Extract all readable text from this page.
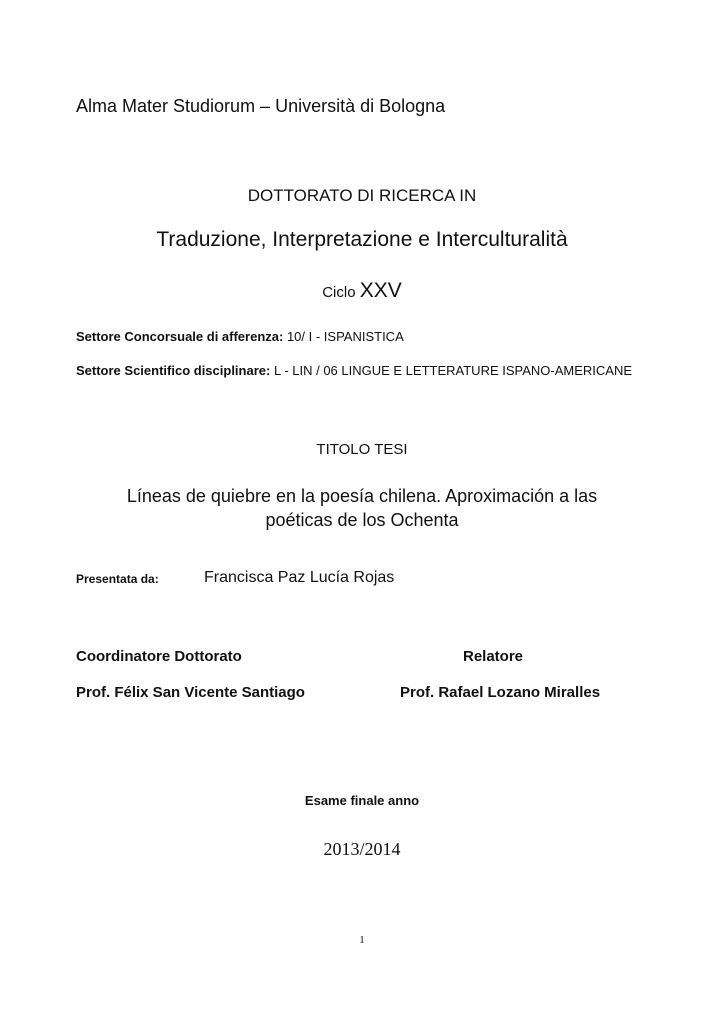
Alma Mater Studiorum – Università di Bologna
DOTTORATO DI RICERCA IN
Traduzione, Interpretazione e Interculturalità
Ciclo XXV
Settore Concorsuale di afferenza: 10/ I - ISPANISTICA
Settore Scientifico disciplinare: L - LIN / 06 LINGUE E LETTERATURE ISPANO-AMERICANE
TITOLO TESI
Líneas de quiebre en la poesía chilena. Aproximación a las poéticas de los Ochenta
Presentata da:	Francisca Paz Lucía Rojas
Coordinatore Dottorato	Relatore
Prof. Félix San Vicente Santiago	Prof. Rafael Lozano Miralles
Esame finale anno
2013/2014
1
